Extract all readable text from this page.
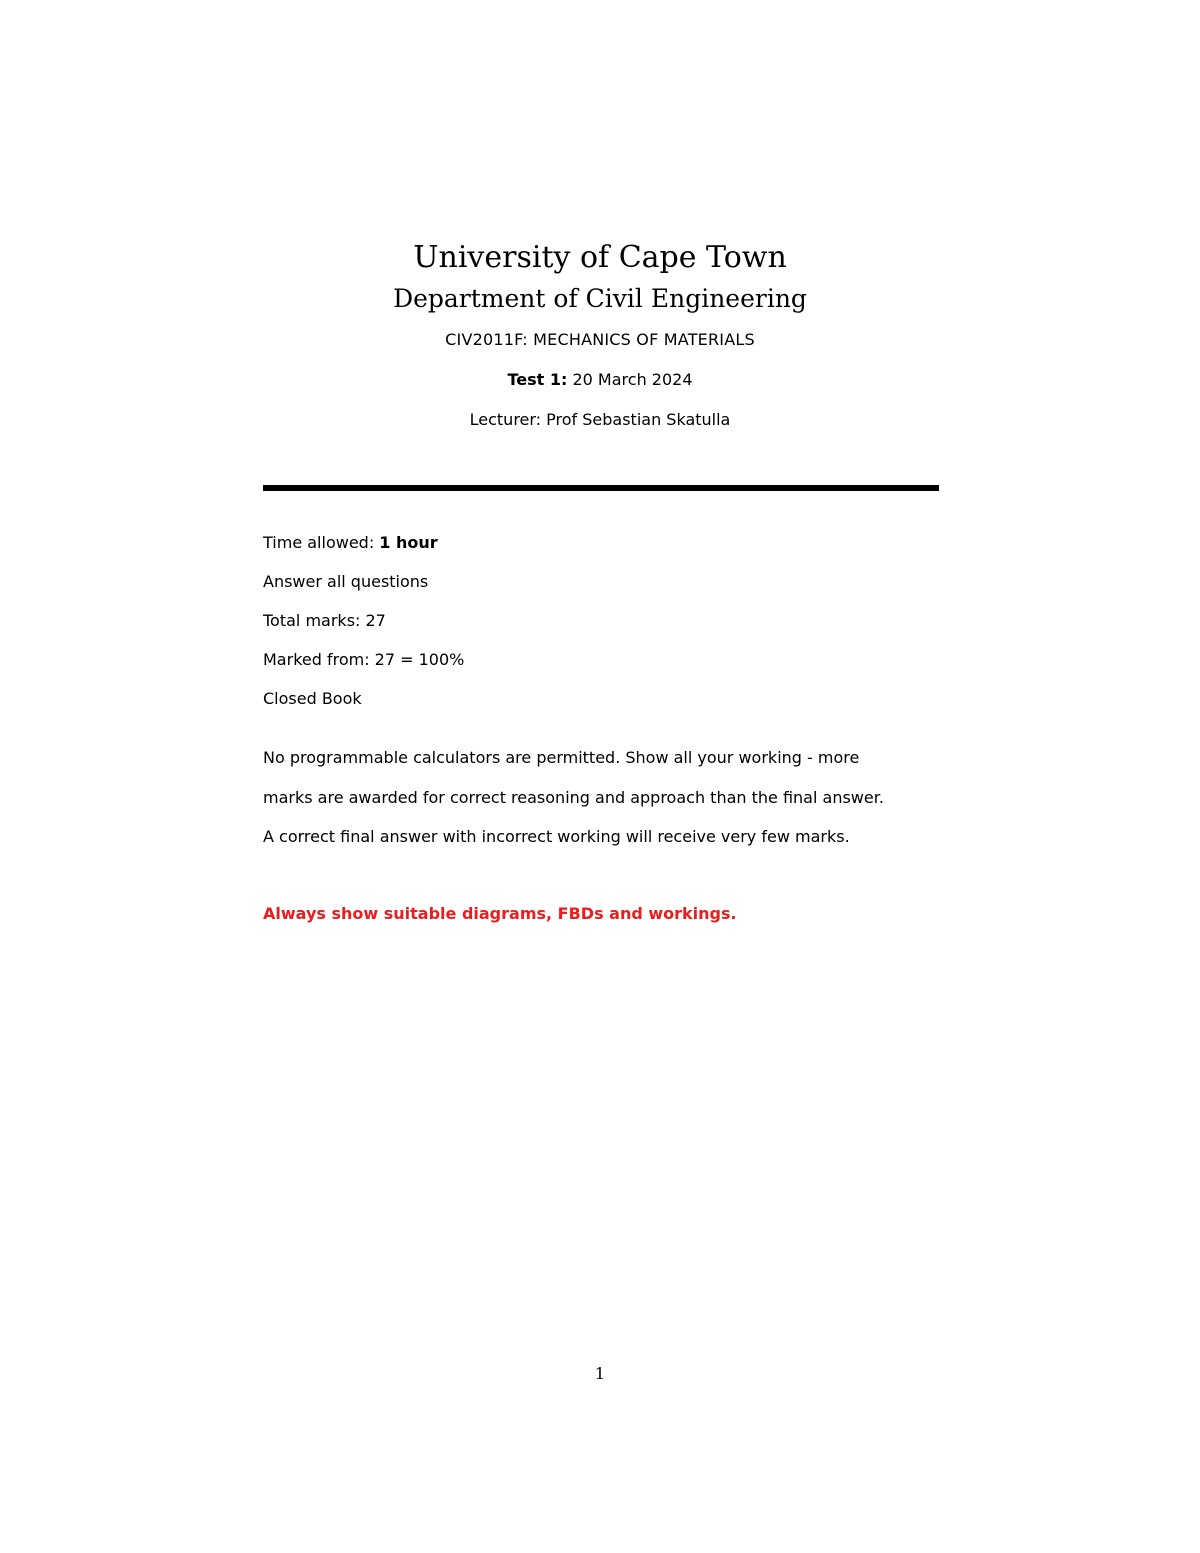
University of Cape Town
Department of Civil Engineering
CIV2011F: MECHANICS OF MATERIALS
Test 1: 20 March 2024
Lecturer: Prof Sebastian Skatulla
Time allowed: 1 hour
Answer all questions
Total marks: 27
Marked from: 27 = 100%
Closed Book
No programmable calculators are permitted. Show all your working - more
marks are awarded for correct reasoning and approach than the final answer.
A correct final answer with incorrect working will receive very few marks.
Always show suitable diagrams, FBDs and workings.
1
